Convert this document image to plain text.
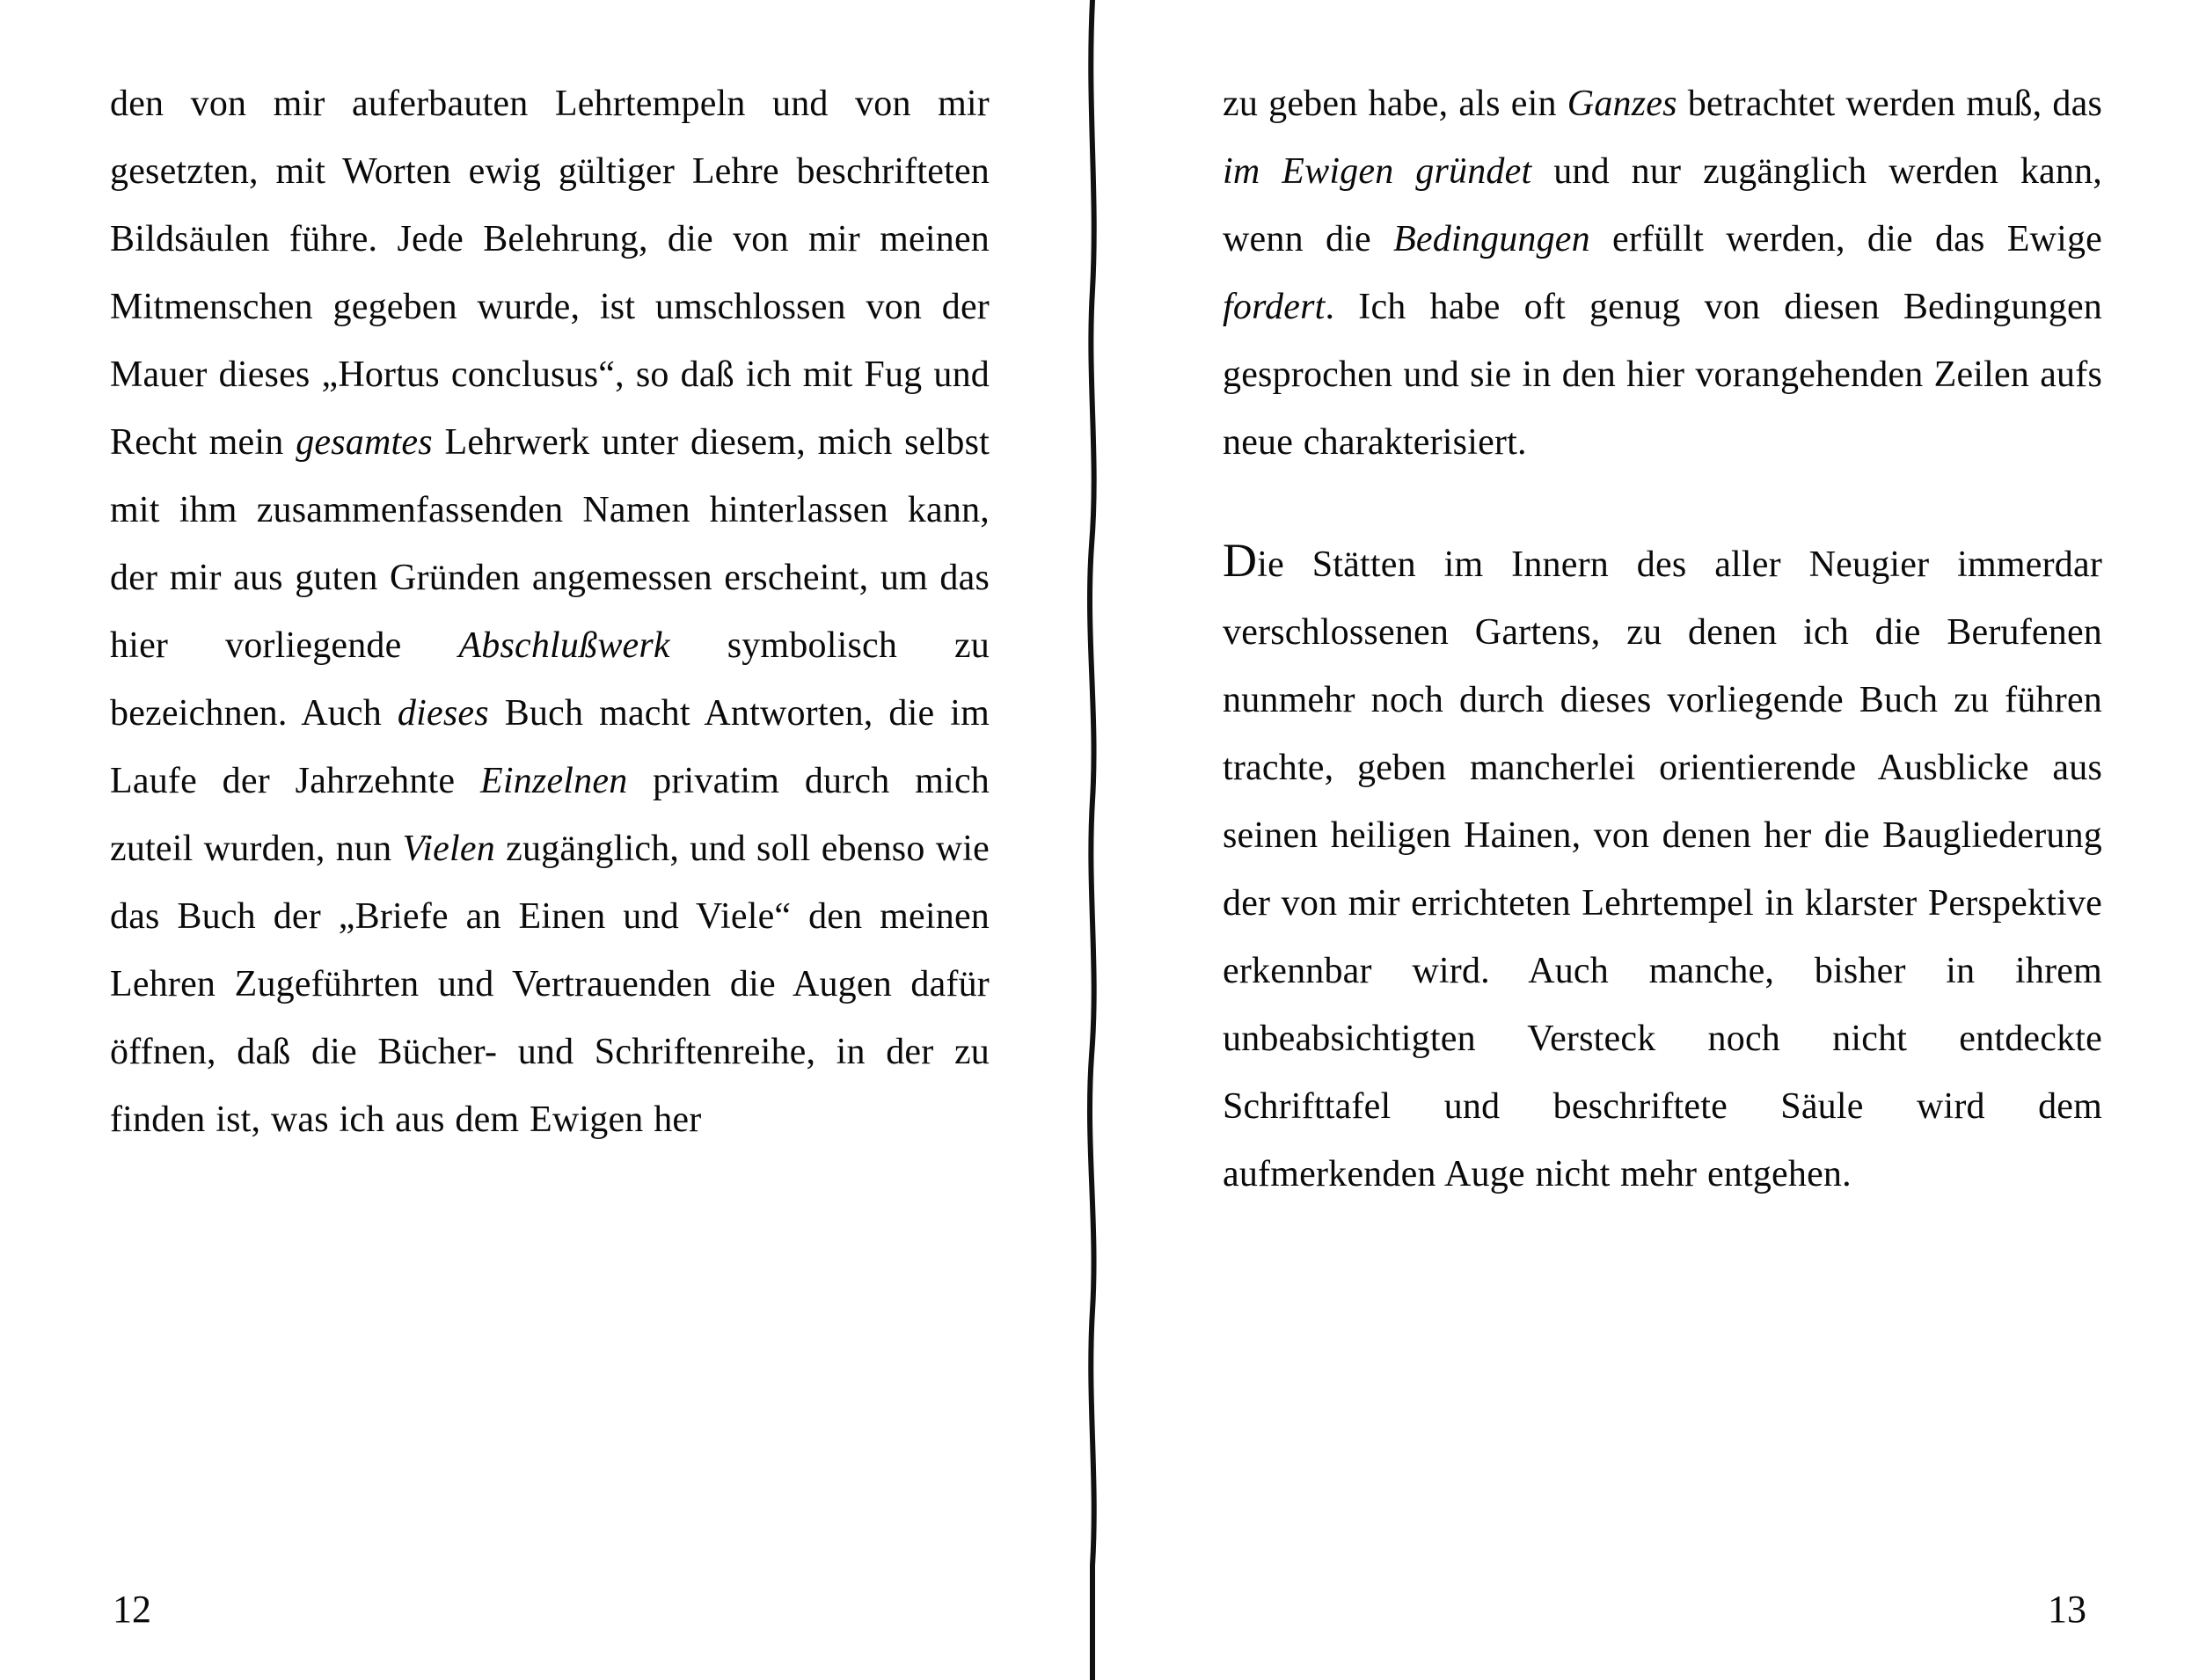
den von mir auferbauten Lehrtempeln und von mir gesetzten, mit Worten ewig gültiger Lehre beschrifteten Bildsäulen führe. Jede Belehrung, die von mir meinen Mitmenschen gegeben wurde, ist umschlossen von der Mauer dieses „Hortus conclusus“, so daß ich mit Fug und Recht mein gesamtes Lehrwerk unter diesem, mich selbst mit ihm zusammenfassenden Namen hinterlassen kann, der mir aus guten Gründen angemessen erscheint, um das hier vorliegende Abschlußwerk symbolisch zu bezeichnen. Auch dieses Buch macht Antworten, die im Laufe der Jahrzehnte Einzelnen privatim durch mich zuteil wurden, nun Vielen zugänglich, und soll ebenso wie das Buch der „Briefe an Einen und Viele“ den meinen Lehren Zugeführten und Vertrauenden die Augen dafür öffnen, daß die Bücher- und Schriftenreihe, in der zu finden ist, was ich aus dem Ewigen her

12

zu geben habe, als ein Ganzes betrachtet werden muß, das im Ewigen gründet und nur zugänglich werden kann, wenn die Bedingungen erfüllt werden, die das Ewige fordert. Ich habe oft genug von diesen Bedingungen gesprochen und sie in den hier vorangehenden Zeilen aufs neue charakterisiert.

Die Stätten im Innern des aller Neugier immerdar verschlossenen Gartens, zu denen ich die Berufenen nunmehr noch durch dieses vorliegende Buch zu führen trachte, geben mancherlei orientierende Ausblicke aus seinen heiligen Hainen, von denen her die Baugliederung der von mir errichteten Lehrtempel in klarster Perspektive erkennbar wird. Auch manche, bisher in ihrem unbeabsichtigten Versteck noch nicht entdeckte Schrifttafel und beschriftete Säule wird dem aufmerkenden Auge nicht mehr entgehen.

13
